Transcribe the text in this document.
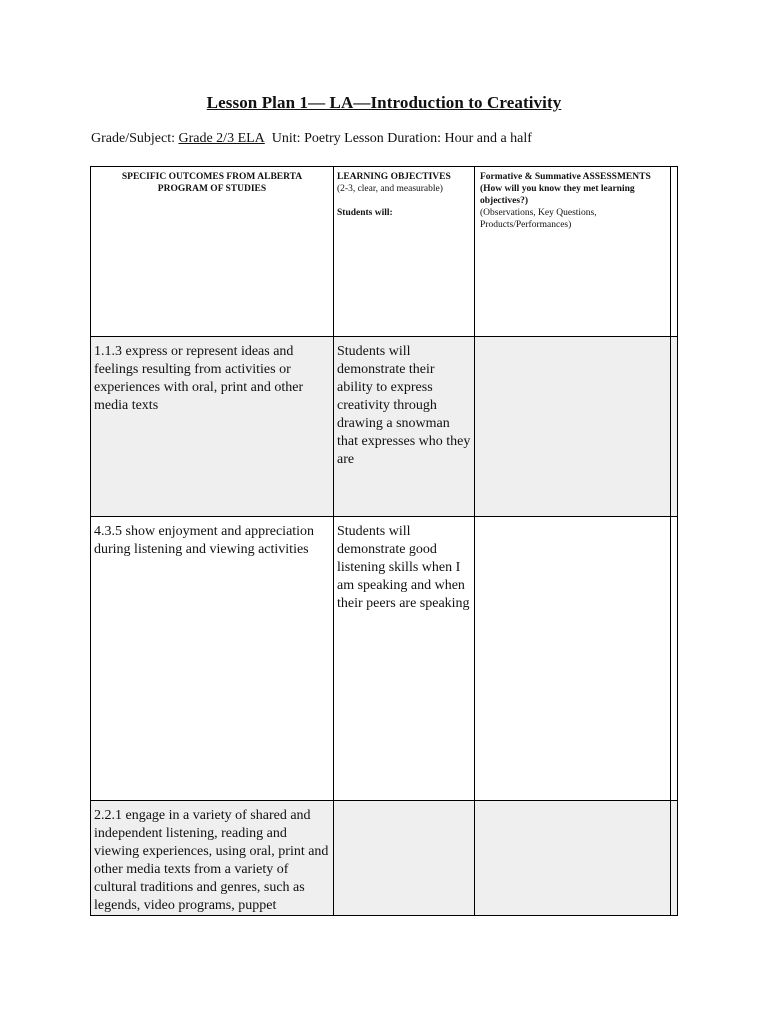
Lesson Plan 1— LA—Introduction to Creativity
Grade/Subject: Grade 2/3 ELA Unit: Poetry Lesson Duration: Hour and a half
SPECIFIC OUTCOMES FROM ALBERTA PROGRAM OF STUDIES
LEARNING OBJECTIVES
(2-3, clear, and measurable)
Students will:
Formative & Summative ASSESSMENTS
(How will you know they met learning objectives?)
(Observations, Key Questions, Products/Performances)
1.1.3 express or represent ideas and feelings resulting from activities or experiences with oral, print and other media texts
Students will demonstrate their ability to express creativity through drawing a snowman that expresses who they are
4.3.5 show enjoyment and appreciation during listening and viewing activities
Students will demonstrate good listening skills when I am speaking and when their peers are speaking
2.2.1 engage in a variety of shared and independent listening, reading and viewing experiences, using oral, print and other media texts from a variety of cultural traditions and genres, such as legends, video programs, puppet
